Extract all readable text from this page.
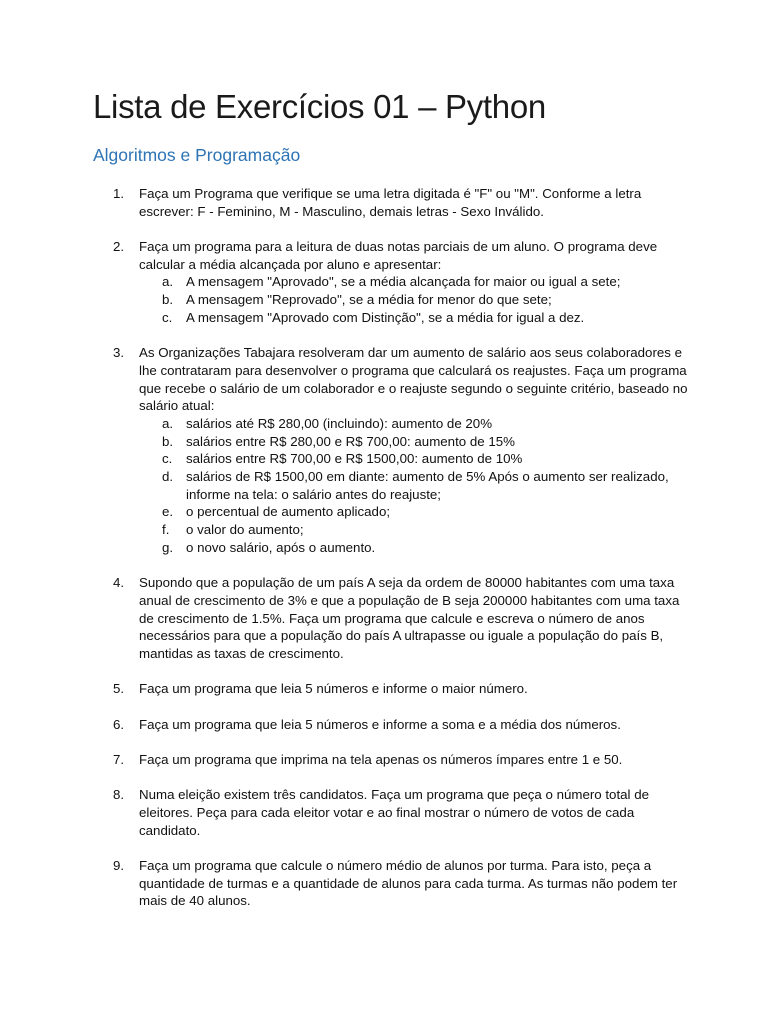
Lista de Exercícios 01 – Python
Algoritmos e Programação
1. Faça um Programa que verifique se uma letra digitada é "F" ou "M". Conforme a letra escrever: F - Feminino, M - Masculino, demais letras - Sexo Inválido.
2. Faça um programa para a leitura de duas notas parciais de um aluno. O programa deve calcular a média alcançada por aluno e apresentar:
a. A mensagem "Aprovado", se a média alcançada for maior ou igual a sete;
b. A mensagem "Reprovado", se a média for menor do que sete;
c. A mensagem "Aprovado com Distinção", se a média for igual a dez.
3. As Organizações Tabajara resolveram dar um aumento de salário aos seus colaboradores e lhe contrataram para desenvolver o programa que calculará os reajustes. Faça um programa que recebe o salário de um colaborador e o reajuste segundo o seguinte critério, baseado no salário atual:
a. salários até R$ 280,00 (incluindo): aumento de 20%
b. salários entre R$ 280,00 e R$ 700,00: aumento de 15%
c. salários entre R$ 700,00 e R$ 1500,00: aumento de 10%
d. salários de R$ 1500,00 em diante: aumento de 5% Após o aumento ser realizado, informe na tela: o salário antes do reajuste;
e. o percentual de aumento aplicado;
f. o valor do aumento;
g. o novo salário, após o aumento.
4. Supondo que a população de um país A seja da ordem de 80000 habitantes com uma taxa anual de crescimento de 3% e que a população de B seja 200000 habitantes com uma taxa de crescimento de 1.5%. Faça um programa que calcule e escreva o número de anos necessários para que a população do país A ultrapasse ou iguale a população do país B, mantidas as taxas de crescimento.
5. Faça um programa que leia 5 números e informe o maior número.
6. Faça um programa que leia 5 números e informe a soma e a média dos números.
7. Faça um programa que imprima na tela apenas os números ímpares entre 1 e 50.
8. Numa eleição existem três candidatos. Faça um programa que peça o número total de eleitores. Peça para cada eleitor votar e ao final mostrar o número de votos de cada candidato.
9. Faça um programa que calcule o número médio de alunos por turma. Para isto, peça a quantidade de turmas e a quantidade de alunos para cada turma. As turmas não podem ter mais de 40 alunos.
